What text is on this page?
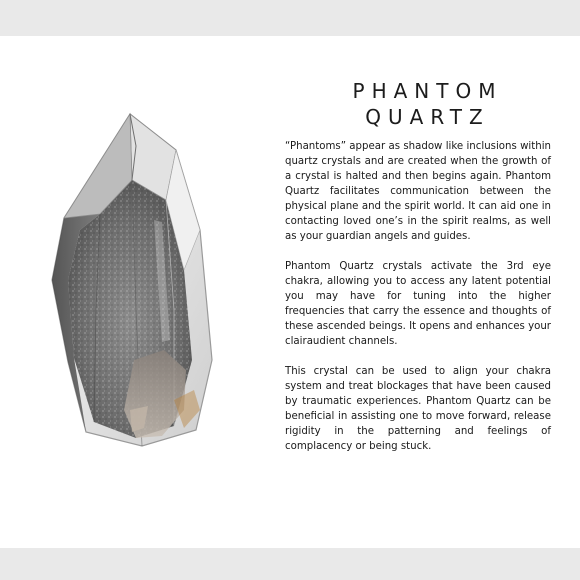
PHANTOM
QUARTZ

“Phantoms” appear as shadow like inclusions within quartz crystals and are created when the growth of a crystal is halted and then begins again. Phantom Quartz facilitates communication between the physical plane and the spirit world. It can aid one in contacting loved one’s in the spirit realms, as well as your guardian angels and guides.

Phantom Quartz crystals activate the 3rd eye chakra, allowing you to access any latent potential you may have for tuning into the higher frequencies that carry the essence and thoughts of these ascended beings. It opens and enhances your clairaudient channels.

This crystal can be used to align your chakra system and treat blockages that have been caused by traumatic experiences. Phantom Quartz can be beneficial in assisting one to move forward, release rigidity in the patterning and feelings of complacency or being stuck.
